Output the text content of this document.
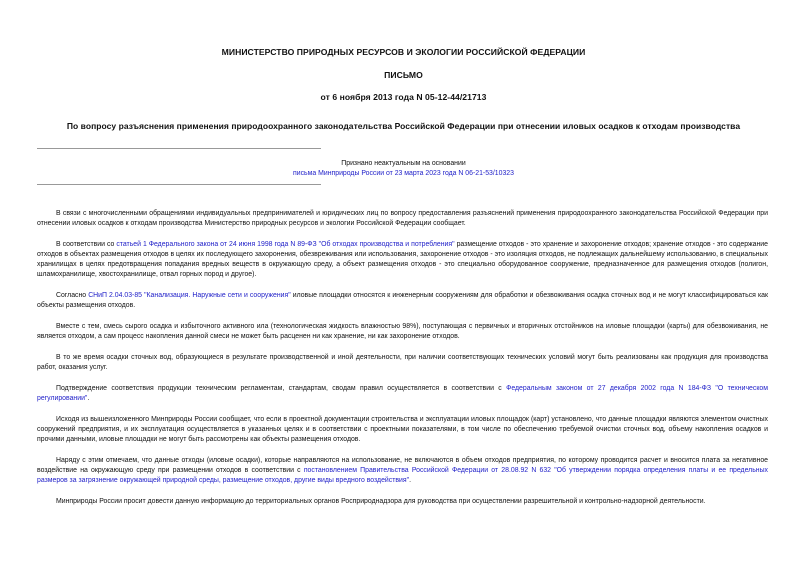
МИНИСТЕРСТВО ПРИРОДНЫХ РЕСУРСОВ И ЭКОЛОГИИ РОССИЙСКОЙ ФЕДЕРАЦИИ
ПИСЬМО
от 6 ноября 2013 года N 05-12-44/21713
По вопросу разъяснения применения природоохранного законодательства Российской Федерации при отнесении иловых осадков к отходам производства
Признано неактуальным на основании
письма Минприроды России от 23 марта 2023 года N 06-21-53/10323
В связи с многочисленными обращениями индивидуальных предпринимателей и юридических лиц по вопросу предоставления разъяснений применения природоохранного законодательства Российской Федерации при отнесении иловых осадков к отходам производства Министерство природных ресурсов и экологии Российской Федерации сообщает.
В соответствии со статьей 1 Федерального закона от 24 июня 1998 года N 89-ФЗ "Об отходах производства и потребления" размещение отходов - это хранение и захоронение отходов; хранение отходов - это содержание отходов в объектах размещения отходов в целях их последующего захоронения, обезвреживания или использования, захоронение отходов - это изоляция отходов, не подлежащих дальнейшему использованию, в специальных хранилищах в целях предотвращения попадания вредных веществ в окружающую среду, а объект размещения отходов - это специально оборудованное сооружение, предназначенное для размещения отходов (полигон, шламохранилище, хвостохранилище, отвал горных пород и другое).
Согласно СНиП 2.04.03-85 "Канализация. Наружные сети и сооружения" иловые площадки относятся к инженерным сооружениям для обработки и обезвоживания осадка сточных вод и не могут классифицироваться как объекты размещения отходов.
Вместе с тем, смесь сырого осадка и избыточного активного ила (технологическая жидкость влажностью 98%), поступающая с первичных и вторичных отстойников на иловые площадки (карты) для обезвоживания, не является отходом, а сам процесс накопления данной смеси не может быть расценен ни как хранение, ни как захоронение отходов.
В то же время осадки сточных вод, образующиеся в результате производственной и иной деятельности, при наличии соответствующих технических условий могут быть реализованы как продукция для производства работ, оказания услуг.
Подтверждение соответствия продукции техническим регламентам, стандартам, сводам правил осуществляется в соответствии с Федеральным законом от 27 декабря 2002 года N 184-ФЗ "О техническом регулировании".
Исходя из вышеизложенного Минприроды России сообщает, что если в проектной документации строительства и эксплуатации иловых площадок (карт) установлено, что данные площадки являются элементом очистных сооружений предприятия, и их эксплуатация осуществляется в указанных целях и в соответствии с проектными показателями, в том числе по обеспечению требуемой очистки сточных вод, объему накопления осадков и прочими данными, иловые площадки не могут быть рассмотрены как объекты размещения отходов.
Наряду с этим отмечаем, что данные отходы (иловые осадки), которые направляются на использование, не включаются в объем отходов предприятия, по которому проводится расчет и вносится плата за негативное воздействие на окружающую среду при размещении отходов в соответствии с постановлением Правительства Российской Федерации от 28.08.92 N 632 "Об утверждении порядка определения платы и ее предельных размеров за загрязнение окружающей природной среды, размещение отходов, другие виды вредного воздействия".
Минприроды России просит довести данную информацию до территориальных органов Росприроднадзора для руководства при осуществлении разрешительной и контрольно-надзорной деятельности.
